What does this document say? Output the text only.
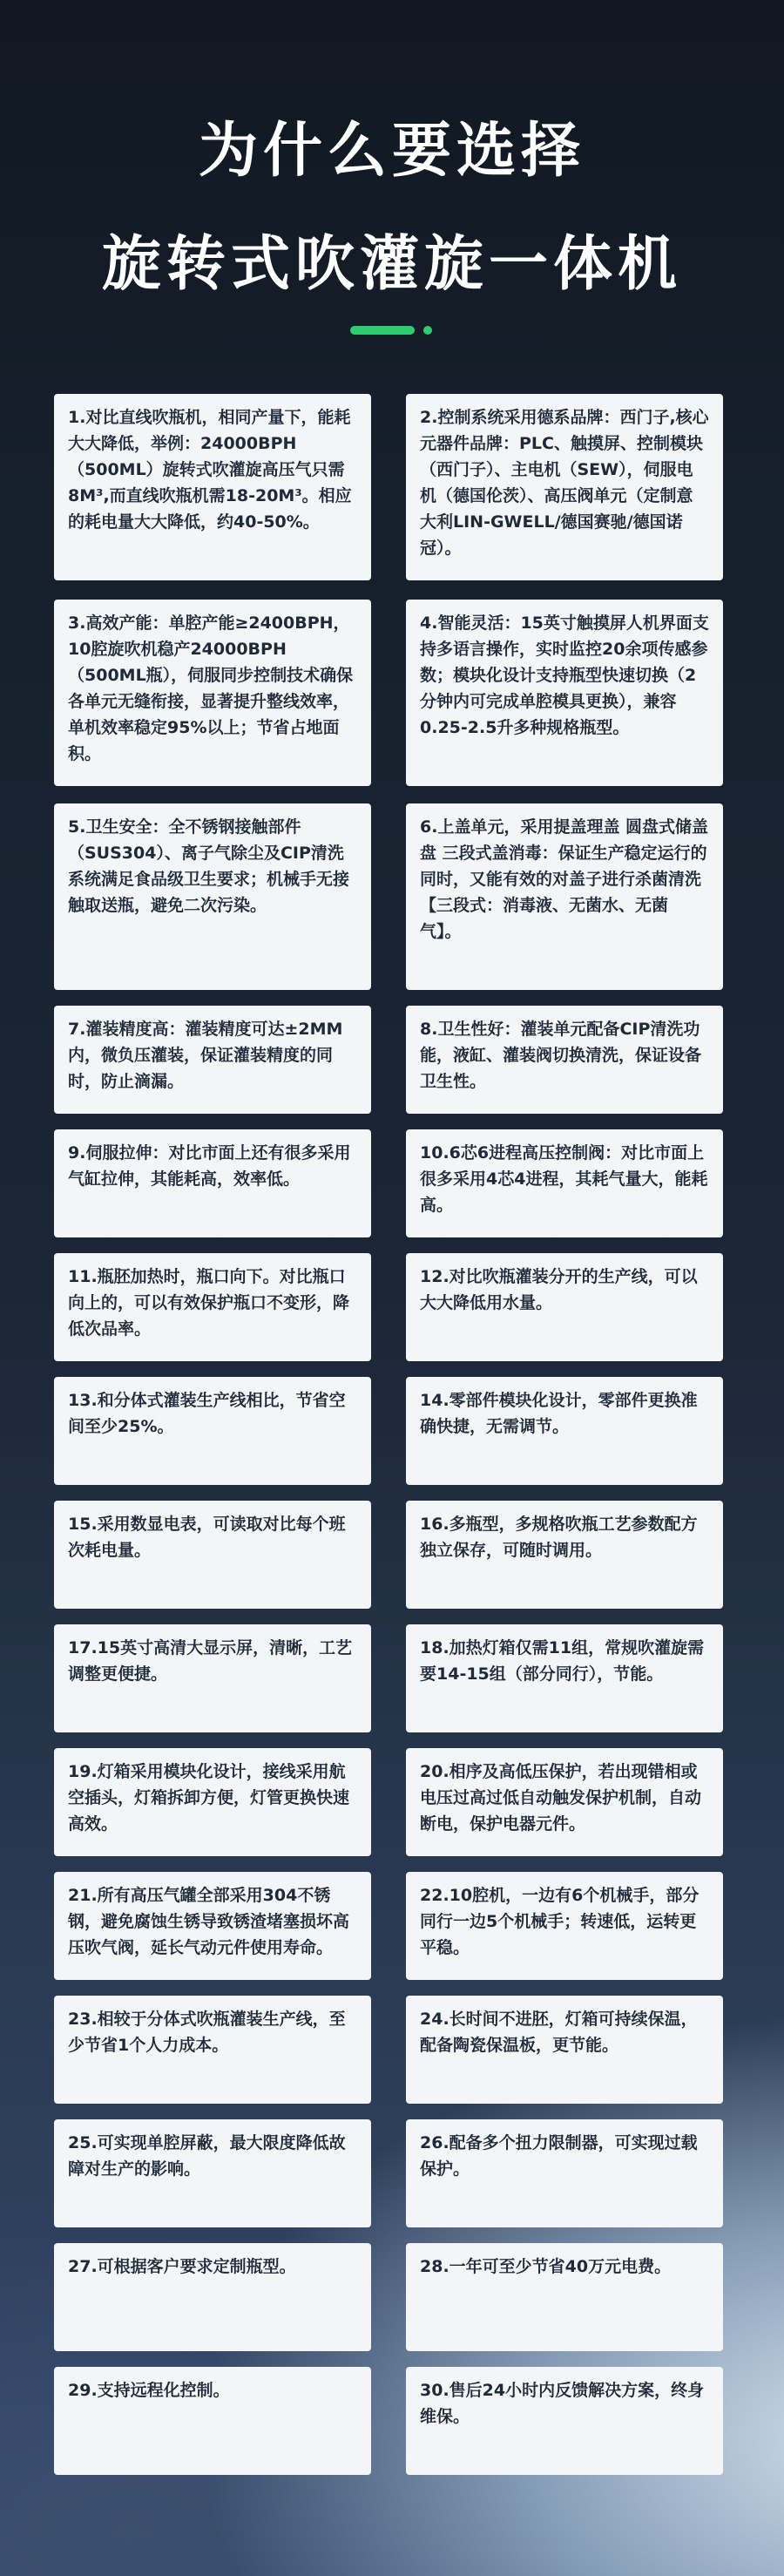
为什么要选择
旋转式吹灌旋一体机
1.对比直线吹瓶机，相同产量下，能耗大大降低，举例：24000BPH（500ML）旋转式吹灌旋高压气只需8M³,而直线吹瓶机需18-20M³。相应的耗电量大大降低，约40-50%。
2.控制系统采用德系品牌：西门子,核心元器件品牌：PLC、触摸屏、控制模块（西门子）、主电机（SEW），伺服电机（德国伦茨）、高压阀单元（定制意大利LIN-GWELL/德国赛驰/德国诺冠）。
3.高效产能：单腔产能≥2400BPH，10腔旋吹机稳产24000BPH（500ML瓶），伺服同步控制技术确保各单元无缝衔接，显著提升整线效率，单机效率稳定95%以上；节省占地面积。
4.智能灵活：15英寸触摸屏人机界面支持多语言操作，实时监控20余项传感参数；模块化设计支持瓶型快速切换（2分钟内可完成单腔模具更换），兼容0.25-2.5升多种规格瓶型。
5.卫生安全：全不锈钢接触部件（SUS304）、离子气除尘及CIP清洗系统满足食品级卫生要求；机械手无接触取送瓶，避免二次污染。
6.上盖单元，采用提盖理盖 圆盘式储盖盘 三段式盖消毒：保证生产稳定运行的同时，又能有效的对盖子进行杀菌清洗【三段式：消毒液、无菌水、无菌气】。
7.灌装精度高：灌装精度可达±2MM内，微负压灌装，保证灌装精度的同时，防止滴漏。
8.卫生性好：灌装单元配备CIP清洗功能，液缸、灌装阀切换清洗，保证设备卫生性。
9.伺服拉伸：对比市面上还有很多采用气缸拉伸，其能耗高，效率低。
10.6芯6进程高压控制阀：对比市面上很多采用4芯4进程，其耗气量大，能耗高。
11.瓶胚加热时，瓶口向下。对比瓶口向上的，可以有效保护瓶口不变形，降低次品率。
12.对比吹瓶灌装分开的生产线，可以大大降低用水量。
13.和分体式灌装生产线相比，节省空间至少25%。
14.零部件模块化设计，零部件更换准确快捷，无需调节。
15.采用数显电表，可读取对比每个班次耗电量。
16.多瓶型，多规格吹瓶工艺参数配方独立保存，可随时调用。
17.15英寸高清大显示屏，清晰，工艺调整更便捷。
18.加热灯箱仅需11组，常规吹灌旋需要14-15组（部分同行），节能。
19.灯箱采用模块化设计，接线采用航空插头，灯箱拆卸方便，灯管更换快速高效。
20.相序及高低压保护，若出现错相或电压过高过低自动触发保护机制，自动断电，保护电器元件。
21.所有高压气罐全部采用304不锈钢，避免腐蚀生锈导致锈渣堵塞损坏高压吹气阀，延长气动元件使用寿命。
22.10腔机，一边有6个机械手，部分同行一边5个机械手；转速低，运转更平稳。
23.相较于分体式吹瓶灌装生产线，至少节省1个人力成本。
24.长时间不进胚，灯箱可持续保温，配备陶瓷保温板，更节能。
25.可实现单腔屏蔽，最大限度降低故障对生产的影响。
26.配备多个扭力限制器，可实现过载保护。
27.可根据客户要求定制瓶型。	28.一年可至少节省40万元电费。
29.支持远程化控制。	30.售后24小时内反馈解决方案，终身维保。
